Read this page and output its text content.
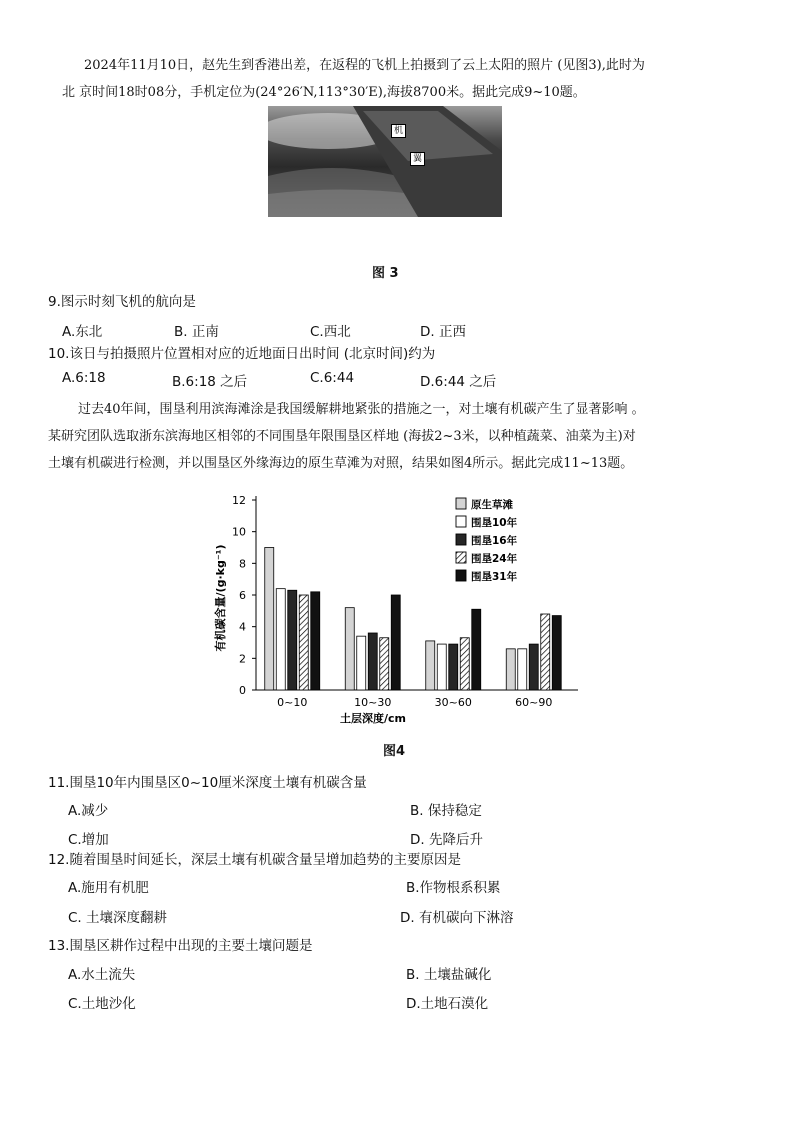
2024年11月10日，赵先生到香港出差，在返程的飞机上拍摄到了云上太阳的照片 (见图3),此时为
北 京时间18时08分，手机定位为(24°26′N,113°30′E),海拔8700米。据此完成9~10题。
机
翼
图 3
9.图示时刻飞机的航向是
A.东北	B. 正南	C.西北	D. 正西
10.该日与拍摄照片位置相对应的近地面日出时间 (北京时间)约为
A.6:18	B.6:18 之后	C.6:44	D.6:44 之后
过去40年间，围垦利用滨海滩涂是我国缓解耕地紧张的措施之一，对土壤有机碳产生了显著影响 。
某研究团队选取浙东滨海地区相邻的不同围垦年限围垦区样地 (海拔2~3米，以种植蔬菜、油菜为主)对
土壤有机碳进行检测，并以围垦区外缘海边的原生草滩为对照，结果如图4所示。据此完成11~13题。
0
2
4
6
8
10
12
0~10	10~30	30~60	60~90
原生草滩
围垦10年
围垦16年
围垦24年
围垦31年
有机碳含量/(g·kg⁻¹)
土层深度/cm
图4
11.围垦10年内围垦区0~10厘米深度土壤有机碳含量
A.减少	B. 保持稳定
C.增加	D. 先降后升
12.随着围垦时间延长，深层土壤有机碳含量呈增加趋势的主要原因是
A.施用有机肥	B.作物根系积累
C. 土壤深度翻耕	D. 有机碳向下淋溶
13.围垦区耕作过程中出现的主要土壤问题是
A.水土流失	B. 土壤盐碱化
C.土地沙化	D.土地石漠化
